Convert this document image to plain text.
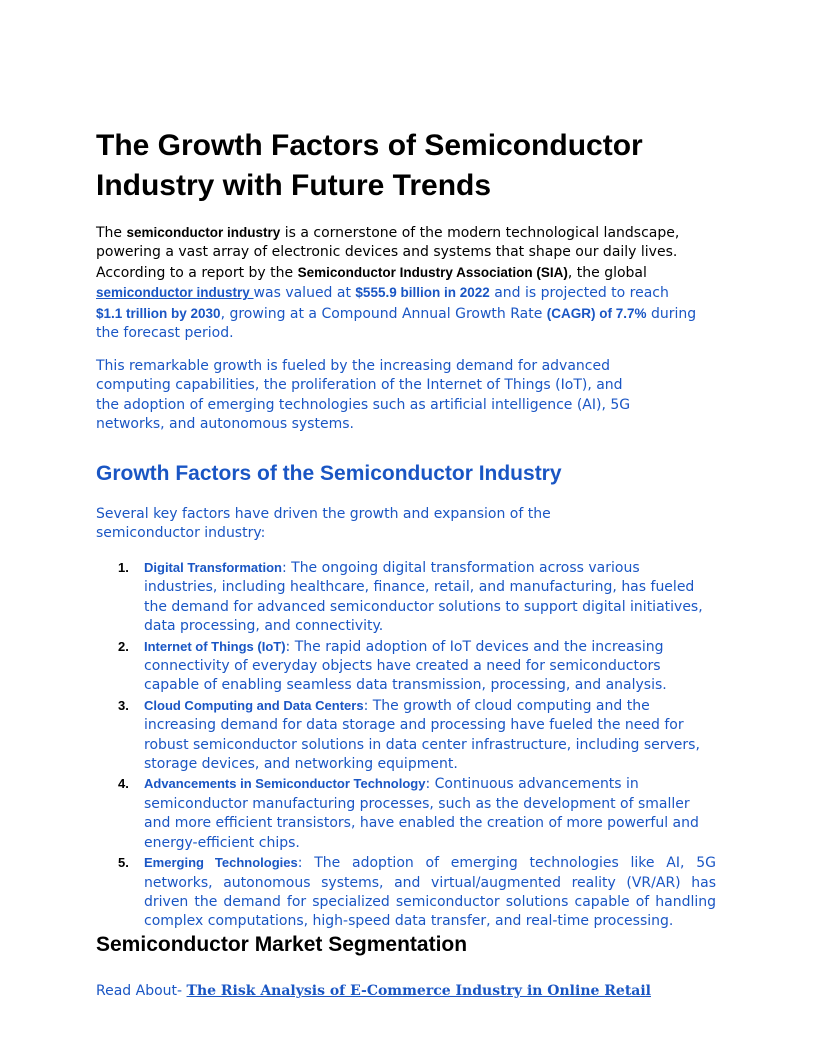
The Growth Factors of Semiconductor Industry with Future Trends

The semiconductor industry is a cornerstone of the modern technological landscape, powering a vast array of electronic devices and systems that shape our daily lives. According to a report by the Semiconductor Industry Association (SIA), the global semiconductor industry was valued at $555.9 billion in 2022 and is projected to reach
$1.1 trillion by 2030, growing at a Compound Annual Growth Rate (CAGR) of 7.7% during the forecast period.

This remarkable growth is fueled by the increasing demand for advanced computing capabilities, the proliferation of the Internet of Things (IoT), and the adoption of emerging technologies such as artificial intelligence (AI), 5G networks, and autonomous systems.

Growth Factors of the Semiconductor Industry

Several key factors have driven the growth and expansion of the semiconductor industry:

1. Digital Transformation: The ongoing digital transformation across various industries, including healthcare, finance, retail, and manufacturing, has fueled the demand for advanced semiconductor solutions to support digital initiatives, data processing, and connectivity.
2. Internet of Things (IoT): The rapid adoption of IoT devices and the increasing connectivity of everyday objects have created a need for semiconductors capable of enabling seamless data transmission, processing, and analysis.
3. Cloud Computing and Data Centers: The growth of cloud computing and the increasing demand for data storage and processing have fueled the need for robust semiconductor solutions in data center infrastructure, including servers, storage devices, and networking equipment.
4. Advancements in Semiconductor Technology: Continuous advancements in semiconductor manufacturing processes, such as the development of smaller and more efficient transistors, have enabled the creation of more powerful and energy-efficient chips.
5. Emerging Technologies: The adoption of emerging technologies like AI, 5G networks, autonomous systems, and virtual/augmented reality (VR/AR) has driven the demand for specialized semiconductor solutions capable of handling complex computations, high-speed data transfer, and real-time processing.
Semiconductor Market Segmentation

Read About- The Risk Analysis of E-Commerce Industry in Online Retail
